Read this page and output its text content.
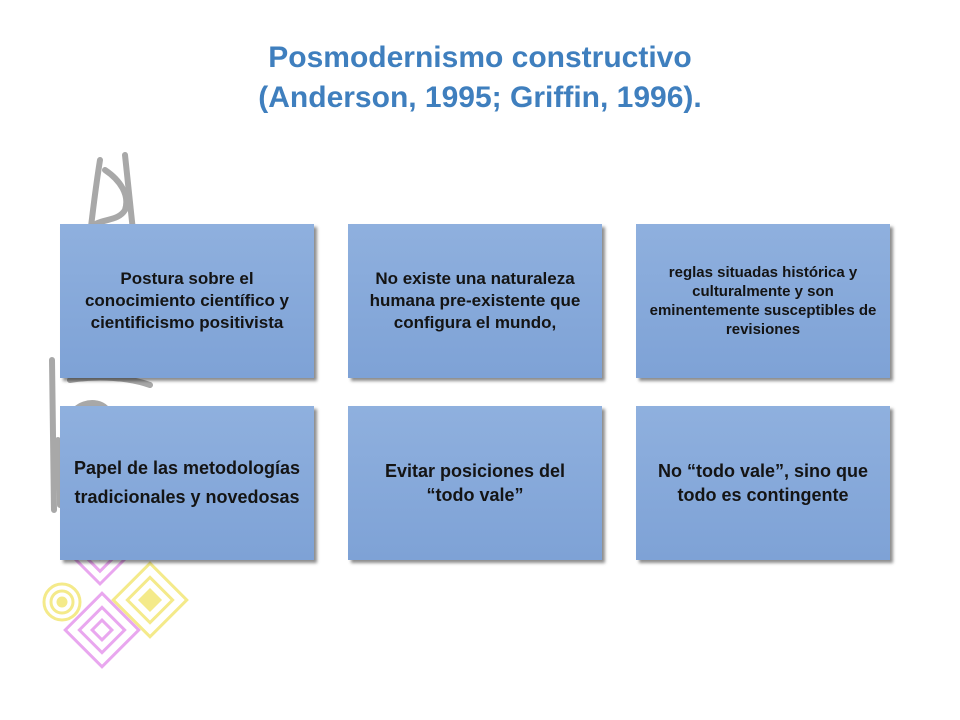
Posmodernismo constructivo
(Anderson, 1995; Griffin, 1996).
Postura sobre el conocimiento científico y cientificismo positivista
No existe una naturaleza humana pre-existente que configura el mundo,
reglas situadas histórica y culturalmente y son eminentemente susceptibles de revisiones
Papel de las metodologías tradicionales y novedosas
Evitar posiciones del “todo vale”
No “todo vale”, sino que todo es contingente
